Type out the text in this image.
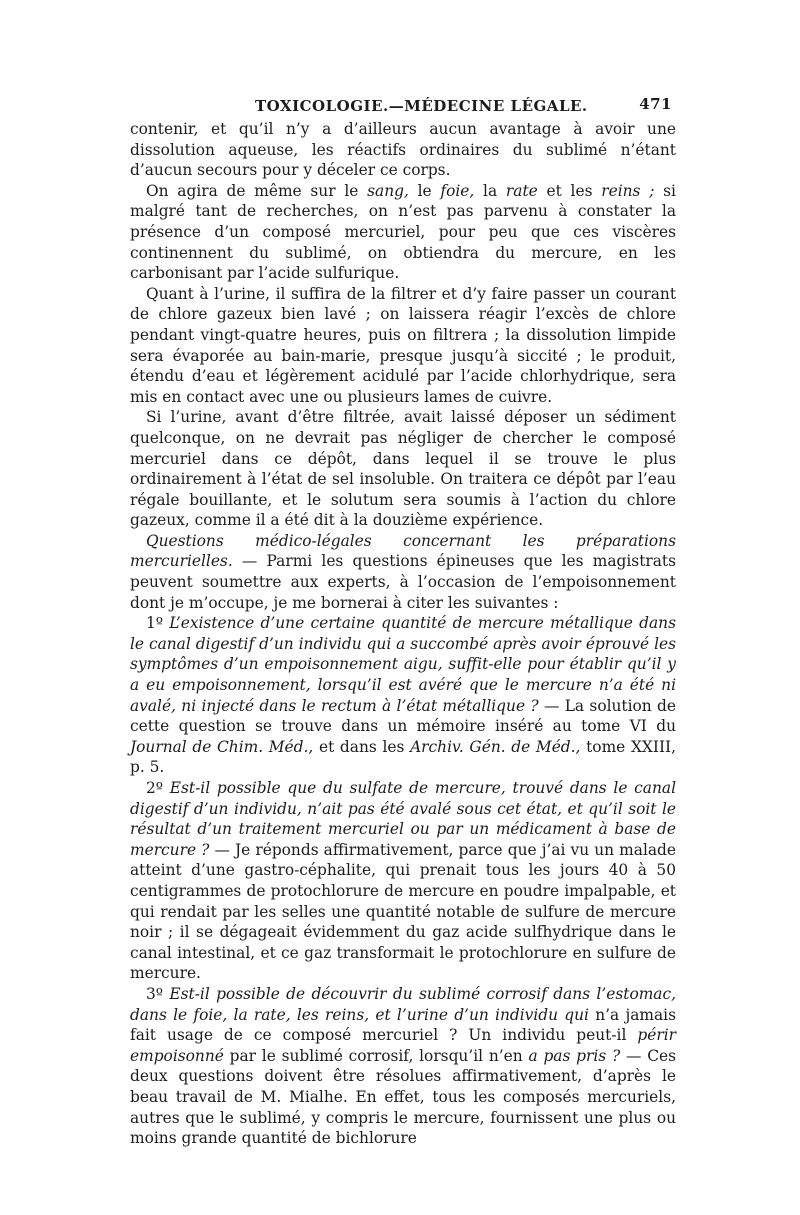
TOXICOLOGIE.—MÉDECINE LÉGALE.	471

contenir, et qu’il n’y a d’ailleurs aucun avantage à avoir une dissolution aqueuse, les réactifs ordinaires du sublimé n’étant d’aucun secours pour y déceler ce corps.

On agira de même sur le sang, le foie, la rate et les reins ; si malgré tant de recherches, on n’est pas parvenu à constater la présence d’un composé mercuriel, pour peu que ces viscères continennent du sublimé, on obtiendra du mercure, en les carbonisant par l’acide sulfurique.

Quant à l’urine, il suffira de la filtrer et d’y faire passer un courant de chlore gazeux bien lavé ; on laissera réagir l’excès de chlore pendant vingt-quatre heures, puis on filtrera ; la dissolution limpide sera évaporée au bain-marie, presque jusqu’à siccité ; le produit, étendu d’eau et légèrement acidulé par l’acide chlorhydrique, sera mis en contact avec une ou plusieurs lames de cuivre.

Si l’urine, avant d’être filtrée, avait laissé déposer un sédiment quelconque, on ne devrait pas négliger de chercher le composé mercuriel dans ce dépôt, dans lequel il se trouve le plus ordinairement à l’état de sel insoluble. On traitera ce dépôt par l’eau régale bouillante, et le solutum sera soumis à l’action du chlore gazeux, comme il a été dit à la douzième expérience.

Questions médico-légales concernant les préparations mercurielles. — Parmi les questions épineuses que les magistrats peuvent soumettre aux experts, à l’occasion de l’empoisonnement dont je m’occupe, je me bornerai à citer les suivantes :

1º L’existence d’une certaine quantité de mercure métallique dans le canal digestif d’un individu qui a succombé après avoir éprouvé les symptômes d’un empoisonnement aigu, suffit-elle pour établir qu’il y a eu empoisonnement, lorsqu’il est avéré que le mercure n’a été ni avalé, ni injecté dans le rectum à l’état métallique ? — La solution de cette question se trouve dans un mémoire inséré au tome VI du Journal de Chim. Méd., et dans les Archiv. Gén. de Méd., tome XXIII, p. 5.

2º Est-il possible que du sulfate de mercure, trouvé dans le canal digestif d’un individu, n’ait pas été avalé sous cet état, et qu’il soit le résultat d’un traitement mercuriel ou par un médicament à base de mercure ? — Je réponds affirmativement, parce que j’ai vu un malade atteint d’une gastro-céphalite, qui prenait tous les jours 40 à 50 centigrammes de protochlorure de mercure en poudre impalpable, et qui rendait par les selles une quantité notable de sulfure de mercure noir ; il se dégageait évidemment du gaz acide sulfhydrique dans le canal intestinal, et ce gaz transformait le protochlorure en sulfure de mercure.

3º Est-il possible de découvrir du sublimé corrosif dans l’estomac, dans le foie, la rate, les reins, et l’urine d’un individu qui n’a jamais fait usage de ce composé mercuriel ? Un individu peut-il périr empoisonné par le sublimé corrosif, lorsqu’il n’en a pas pris ? — Ces deux questions doivent être résolues affirmativement, d’après le beau travail de M. Mialhe. En effet, tous les composés mercuriels, autres que le sublimé, y compris le mercure, fournissent une plus ou moins grande quantité de bichlorure
